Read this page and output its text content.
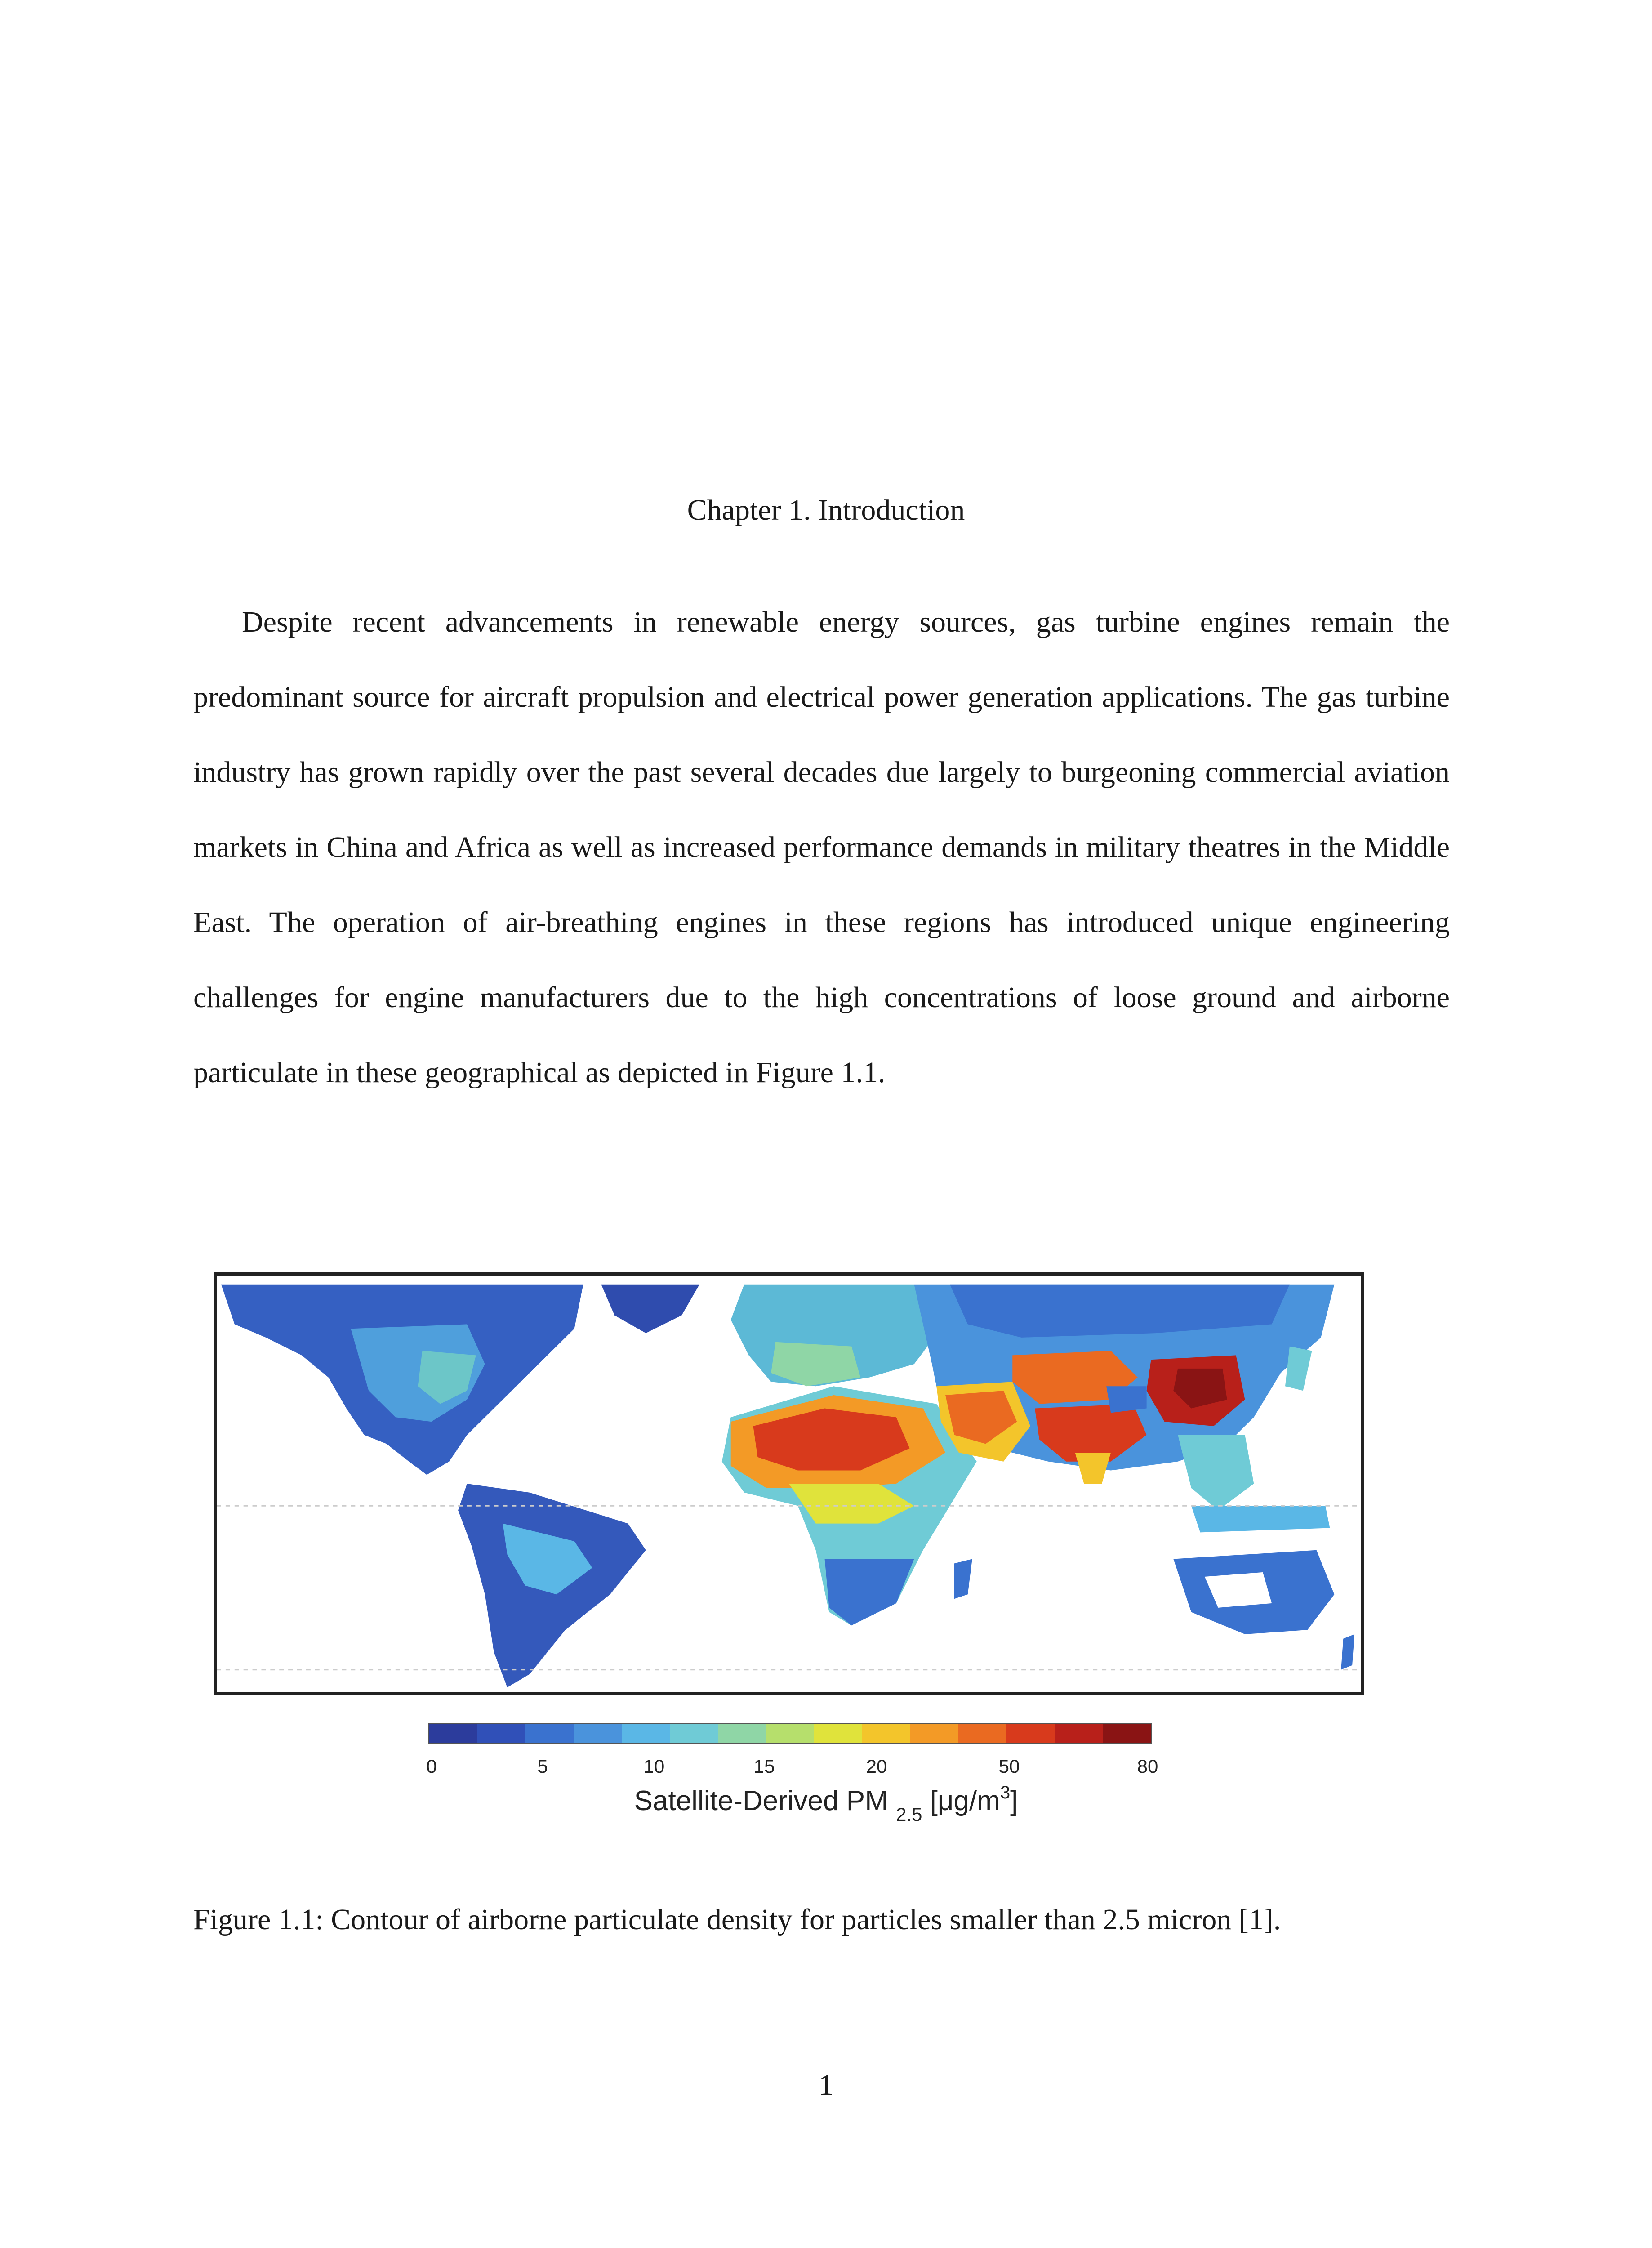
Chapter 1. Introduction

Despite recent advancements in renewable energy sources, gas turbine engines remain the predominant source for aircraft propulsion and electrical power generation applications. The gas turbine industry has grown rapidly over the past several decades due largely to burgeoning commercial aviation markets in China and Africa as well as increased performance demands in military theatres in the Middle East. The operation of air-breathing engines in these regions has introduced unique engineering challenges for engine manufacturers due to the high concentrations of loose ground and airborne particulate in these geographical as depicted in Figure 1.1.

0	5	10	15	20	50	80
Satellite-Derived PM $_{2.5}$ $[\mu g/m^3]$
Figure 1.1: Contour of airborne particulate density for particles smaller than 2.5 micron [1].
1
